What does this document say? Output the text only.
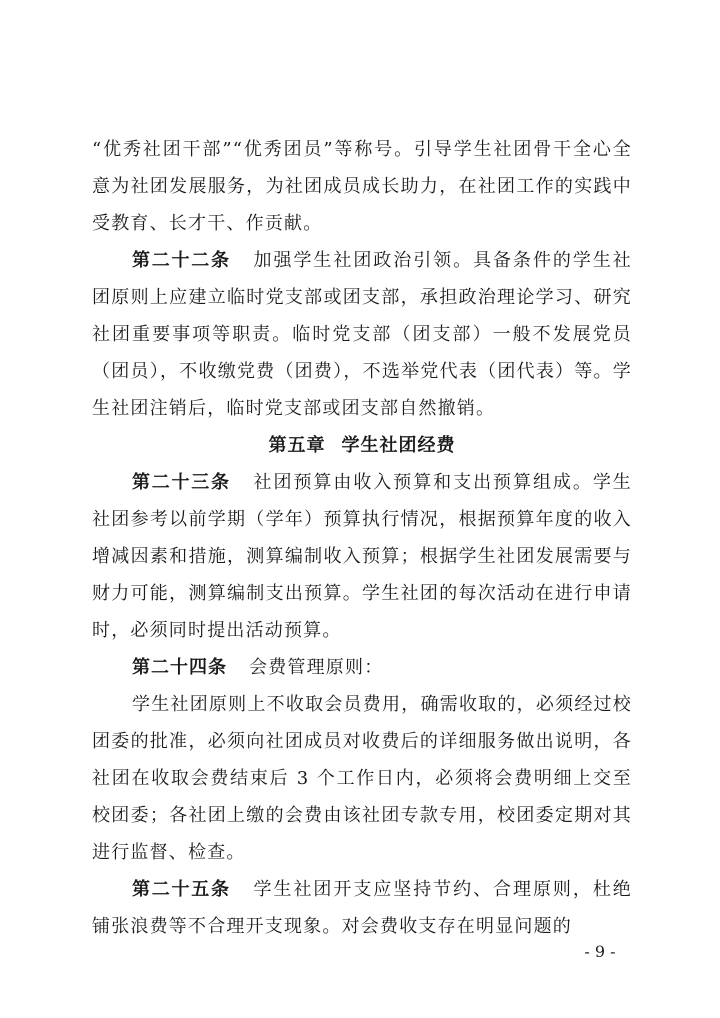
“优秀社团干部”“优秀团员”等称号。引导学生社团骨干全心全意为社团发展服务，为社团成员成长助力，在社团工作的实践中受教育、长才干、作贡献。

第二十二条 加强学生社团政治引领。具备条件的学生社团原则上应建立临时党支部或团支部，承担政治理论学习、研究社团重要事项等职责。临时党支部（团支部）一般不发展党员（团员），不收缴党费（团费），不选举党代表（团代表）等。学生社团注销后，临时党支部或团支部自然撤销。

第五章 学生社团经费

第二十三条 社团预算由收入预算和支出预算组成。学生社团参考以前学期（学年）预算执行情况，根据预算年度的收入增减因素和措施，测算编制收入预算；根据学生社团发展需要与财力可能，测算编制支出预算。学生社团的每次活动在进行申请时，必须同时提出活动预算。

第二十四条 会费管理原则：

学生社团原则上不收取会员费用，确需收取的，必须经过校团委的批准，必须向社团成员对收费后的详细服务做出说明，各社团在收取会费结束后 3 个工作日内，必须将会费明细上交至校团委；各社团上缴的会费由该社团专款专用，校团委定期对其进行监督、检查。

第二十五条 学生社团开支应坚持节约、合理原则，杜绝铺张浪费等不合理开支现象。对会费收支存在明显问题的

- 9 -
